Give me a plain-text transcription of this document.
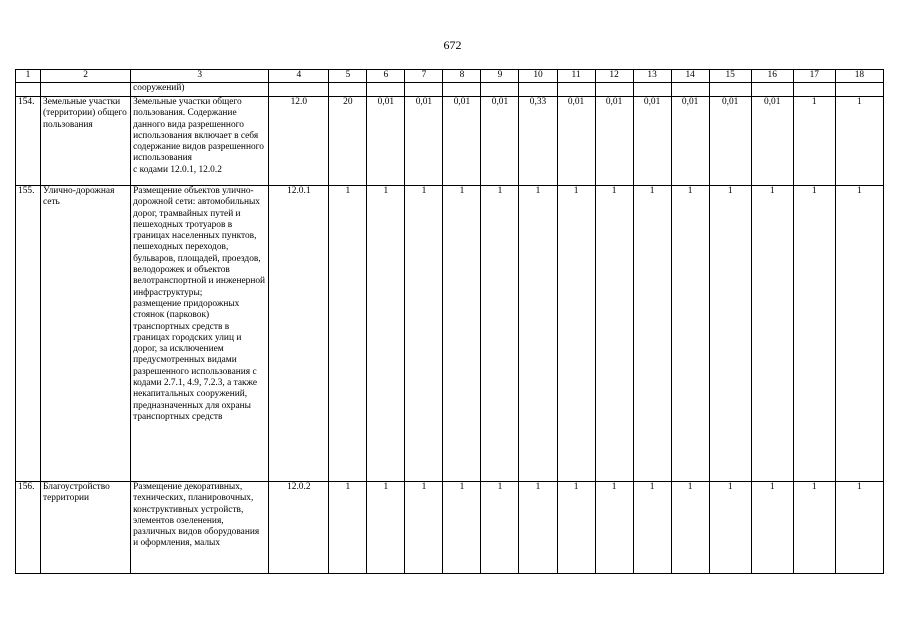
672
1	2	3	4	5	6	7	8	9	10	11	12	13	14	15	16	17	18
		сооружений)															
154.	Земельные участки (территории) общего пользования	Земельные участки общего пользования. Содержание данного вида разрешенного использования включает в себя содержание видов разрешенного использования
с кодами 12.0.1, 12.0.2	12.0	20	0,01	0,01	0,01	0,01	0,33	0,01	0,01	0,01	0,01	0,01	0,01	1	1
155.	Улично-дорожная сеть	Размещение объектов улично-дорожной сети: автомобильных дорог, трамвайных путей и пешеходных тротуаров в границах населенных пунктов, пешеходных переходов, бульваров, площадей, проездов, велодорожек и объектов велотранспортной и инженерной инфраструктуры;
размещение придорожных стоянок (парковок) транспортных средств в границах городских улиц и дорог, за исключением предусмотренных видами разрешенного использования с кодами 2.7.1, 4.9, 7.2.3, а также некапитальных сооружений, предназначенных для охраны транспортных средств	12.0.1	1	1	1	1	1	1	1	1	1	1	1	1	1	1
156.	Благоустройство территории	Размещение декоративных, технических, планировочных, конструктивных устройств, элементов озеленения, различных видов оборудования и оформления, малых	12.0.2	1	1	1	1	1	1	1	1	1	1	1	1	1	1
